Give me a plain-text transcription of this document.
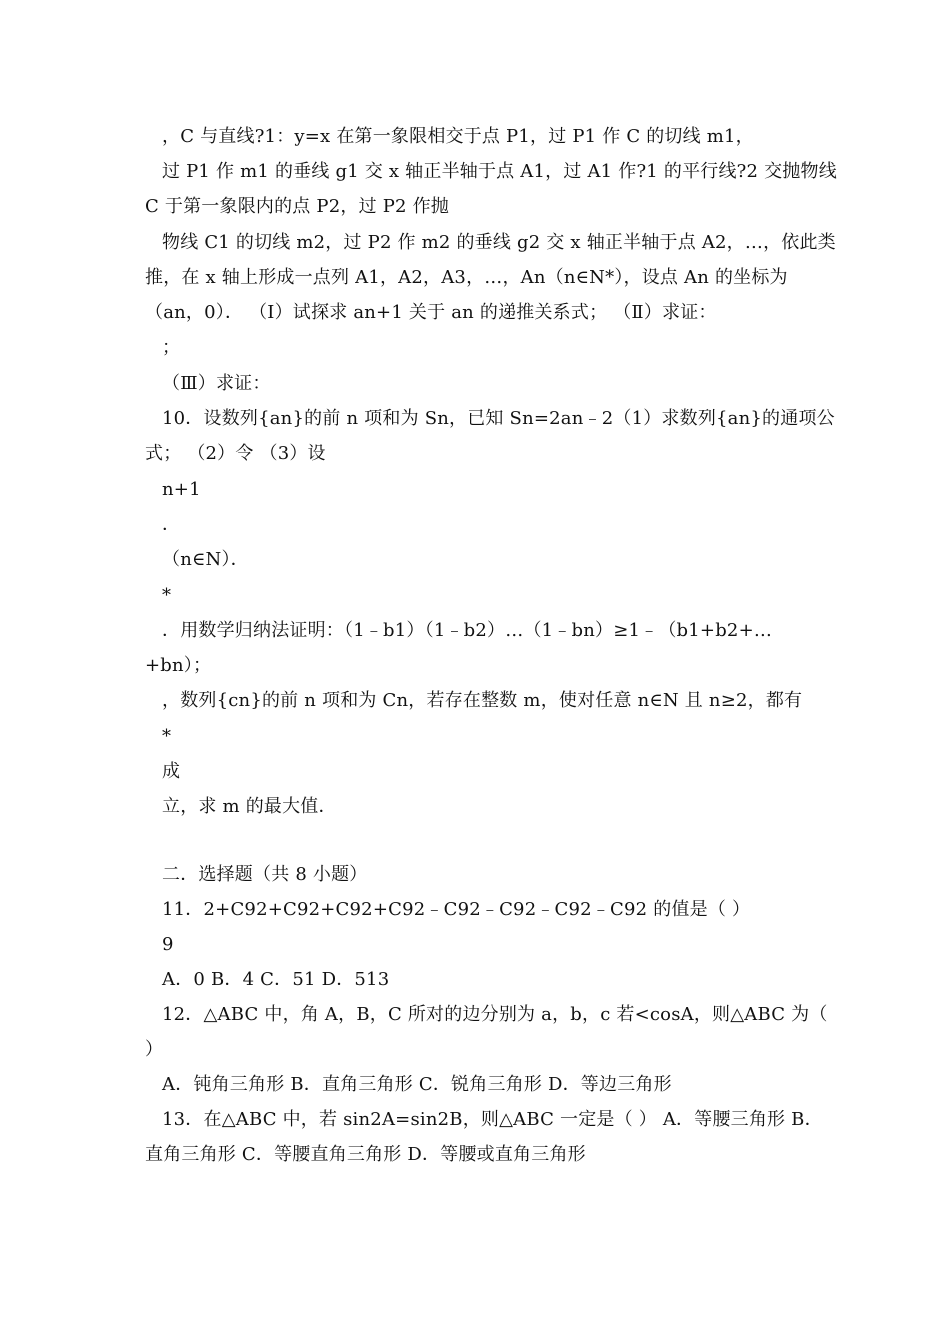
，C 与直线?1：y=x 在第一象限相交于点 P1，过 P1 作 C 的切线 m1，
过 P1 作 m1 的垂线 g1 交 x 轴正半轴于点 A1，过 A1 作?1 的平行线?2 交抛物线
C 于第一象限内的点 P2，过 P2 作抛
物线 C1 的切线 m2，过 P2 作 m2 的垂线 g2 交 x 轴正半轴于点 A2，…，依此类
推，在 x 轴上形成一点列 A1，A2，A3，…，An（n∈N*），设点 An 的坐标为
（an，0）． （Ⅰ）试探求 an+1 关于 an 的递推关系式； （Ⅱ）求证：
；
（Ⅲ）求证：
10．设数列{an}的前 n 项和为 Sn，已知 Sn=2an﹣2（1）求数列{an}的通项公
式； （2）令 （3）设
n+1
．
（n∈N）．
*
．用数学归纳法证明：（1﹣b1）（1﹣b2）…（1﹣bn）≥1﹣（b1+b2+…
+bn）；
，数列{cn}的前 n 项和为 Cn，若存在整数 m，使对任意 n∈N 且 n≥2，都有
*
成
立，求 m 的最大值．
二．选择题（共 8 小题）
11．2+C92+C92+C92+C92﹣C92﹣C92﹣C92﹣C92 的值是（ ）
9
A．0 B．4 C．51 D．513
12．△ABC 中，角 A，B，C 所对的边分别为 a，b，c 若<cosA，则△ABC 为（
）
A．钝角三角形 B．直角三角形 C．锐角三角形 D．等边三角形
13．在△ABC 中，若 sin2A=sin2B，则△ABC 一定是（ ） A．等腰三角形 B．
直角三角形 C．等腰直角三角形 D．等腰或直角三角形
